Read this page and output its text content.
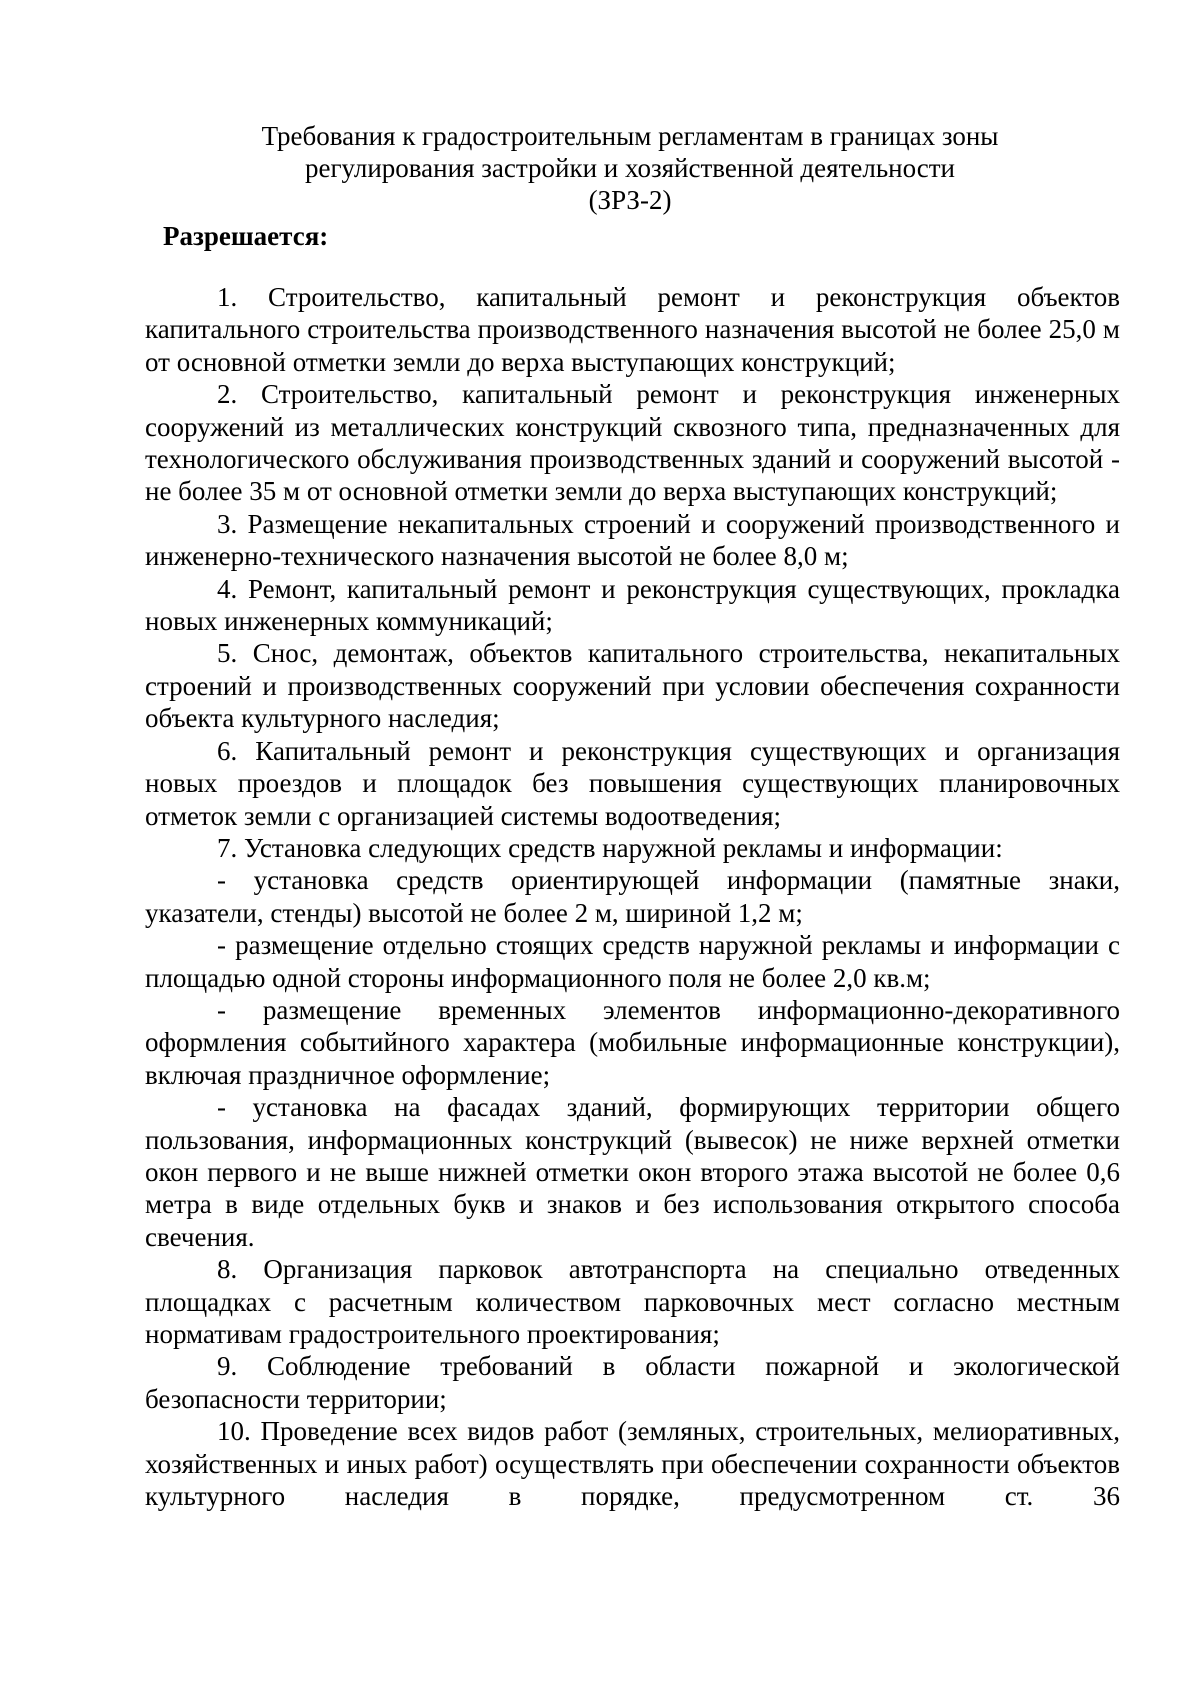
Требования к градостроительным регламентам в границах зоны
регулирования застройки и хозяйственной деятельности
(ЗРЗ-2)
Разрешается:

1. Строительство, капитальный ремонт и реконструкция объектов капитального строительства производственного назначения высотой не более 25,0 м от основной отметки земли до верха выступающих конструкций;

2. Строительство, капитальный ремонт и реконструкция инженерных сооружений из металлических конструкций сквозного типа, предназначенных для технологического обслуживания производственных зданий и сооружений высотой - не более 35 м от основной отметки земли до верха выступающих конструкций;

3. Размещение некапитальных строений и сооружений производственного и инженерно-технического назначения высотой не более 8,0 м;

4. Ремонт, капитальный ремонт и реконструкция существующих, прокладка новых инженерных коммуникаций;

5. Снос, демонтаж, объектов капитального строительства, некапитальных строений и производственных сооружений при условии обеспечения сохранности объекта культурного наследия;

6. Капитальный ремонт и реконструкция существующих и организация новых проездов и площадок без повышения существующих планировочных отметок земли с организацией системы водоотведения;

7. Установка следующих средств наружной рекламы и информации:

- установка средств ориентирующей информации (памятные знаки, указатели, стенды) высотой не более 2 м, шириной 1,2 м;

- размещение отдельно стоящих средств наружной рекламы и информации с площадью одной стороны информационного поля не более 2,0 кв.м;

- размещение временных элементов информационно-декоративного оформления событийного характера (мобильные информационные конструкции), включая праздничное оформление;

- установка на фасадах зданий, формирующих территории общего пользования, информационных конструкций (вывесок) не ниже верхней отметки окон первого и не выше нижней отметки окон второго этажа высотой не более 0,6 метра в виде отдельных букв и знаков и без использования открытого способа свечения.

8. Организация парковок автотранспорта на специально отведенных площадках с расчетным количеством парковочных мест согласно местным нормативам градостроительного проектирования;

9. Соблюдение требований в области пожарной и экологической безопасности территории;

10. Проведение всех видов работ (земляных, строительных, мелиоративных, хозяйственных и иных работ) осуществлять при обеспечении сохранности объектов культурного наследия в порядке, предусмотренном ст. 36
